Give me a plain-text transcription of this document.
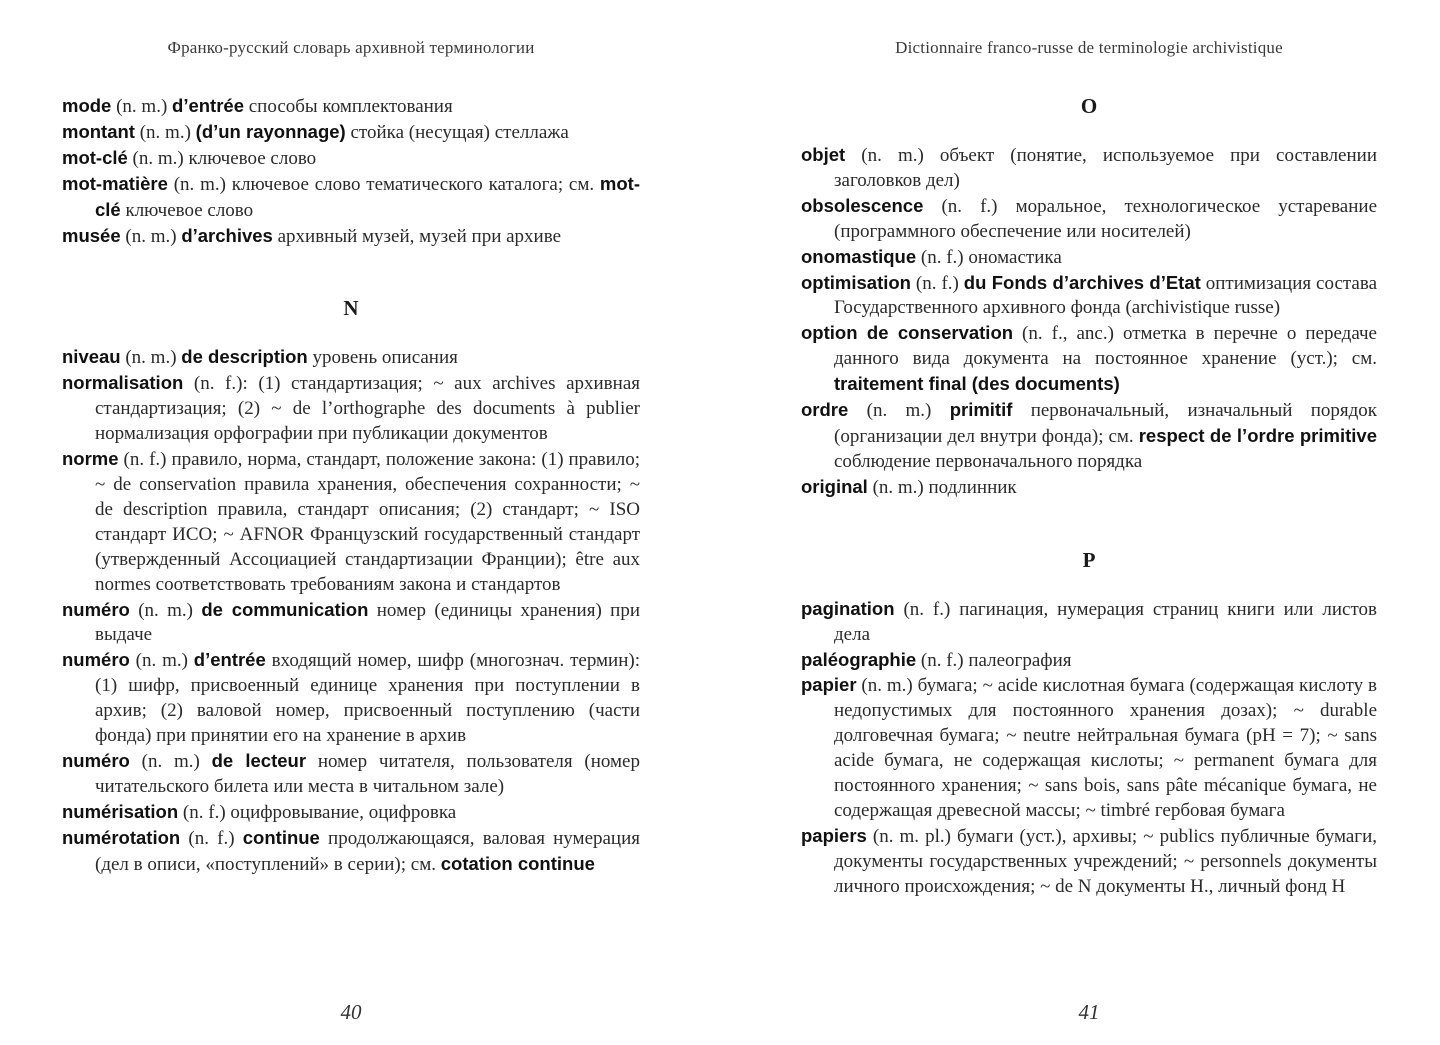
Франко-русский словарь архивной терминологии

mode (n. m.) d’entrée способы комплектования

montant (n. m.) (d’un rayonnage) стойка (несущая) стеллажа

mot-clé (n. m.) ключевое слово

mot-matière (n. m.) ключевое слово тематического каталога; см. mot-clé ключевое слово

musée (n. m.) d’archives архивный музей, музей при архиве

N

niveau (n. m.) de description уровень описания

normalisation (n. f.): (1) стандартизация; ~ aux archives архивная стандартизация; (2) ~ de l’orthographe des documents à publier нормализация орфографии при публикации документов

norme (n. f.) правило, норма, стандарт, положение закона: (1) правило; ~ de conservation правила хранения, обеспечения сохранности; ~ de description правила, стандарт описания; (2) стандарт; ~ ISO стандарт ИСО; ~ AFNOR Французский государственный стандарт (утвержденный Ассоциацией стандартизации Франции); être aux normes соответствовать требованиям закона и стандартов

numéro (n. m.) de communication номер (единицы хранения) при выдаче

numéro (n. m.) d’entrée входящий номер, шифр (многознач. термин): (1) шифр, присвоенный единице хранения при поступлении в архив; (2) валовой номер, присвоенный поступлению (части фонда) при принятии его на хранение в архив

numéro (n. m.) de lecteur номер читателя, пользователя (номер читательского билета или места в читальном зале)

numérisation (n. f.) оцифровывание, оцифровка

numérotation (n. f.) continue продолжающаяся, валовая нумерация (дел в описи, «поступлений» в серии); см. cotation continue

40
Dictionnaire franco-russe de terminologie archivistique
O

objet (n. m.) объект (понятие, используемое при составлении заголовков дел)

obsolescence (n. f.) моральное, технологическое устаревание (программного обеспечение или носителей)

onomastique (n. f.) ономастика

optimisation (n. f.) du Fonds d’archives d’Etat оптимизация состава Государственного архивного фонда (archivistique russe)

option de conservation (n. f., anc.) отметка в перечне о передаче данного вида документа на постоянное хранение (уст.); см. traitement final (des documents)

ordre (n. m.) primitif первоначальный, изначальный порядок (организации дел внутри фонда); см. respect de l’ordre primitive соблюдение первоначального порядка

original (n. m.) подлинник

P

pagination (n. f.) пагинация, нумерация страниц книги или листов дела

paléographie (n. f.) палеография

papier (n. m.) бумага; ~ acide кислотная бумага (содержащая кислоту в недопустимых для постоянного хранения дозах); ~ durable долговечная бумага; ~ neutre нейтральная бумага (pH = 7); ~ sans acide бумага, не содержащая кислоты; ~ permanent бумага для постоянного хранения; ~ sans bois, sans pâte mécanique бумага, не содержащая древесной массы; ~ timbré гербовая бумага

papiers (n. m. pl.) бумаги (уст.), архивы; ~ publics публичные бумаги, документы государственных учреждений; ~ personnels документы личного происхождения; ~ de N документы Н., личный фонд Н

41
